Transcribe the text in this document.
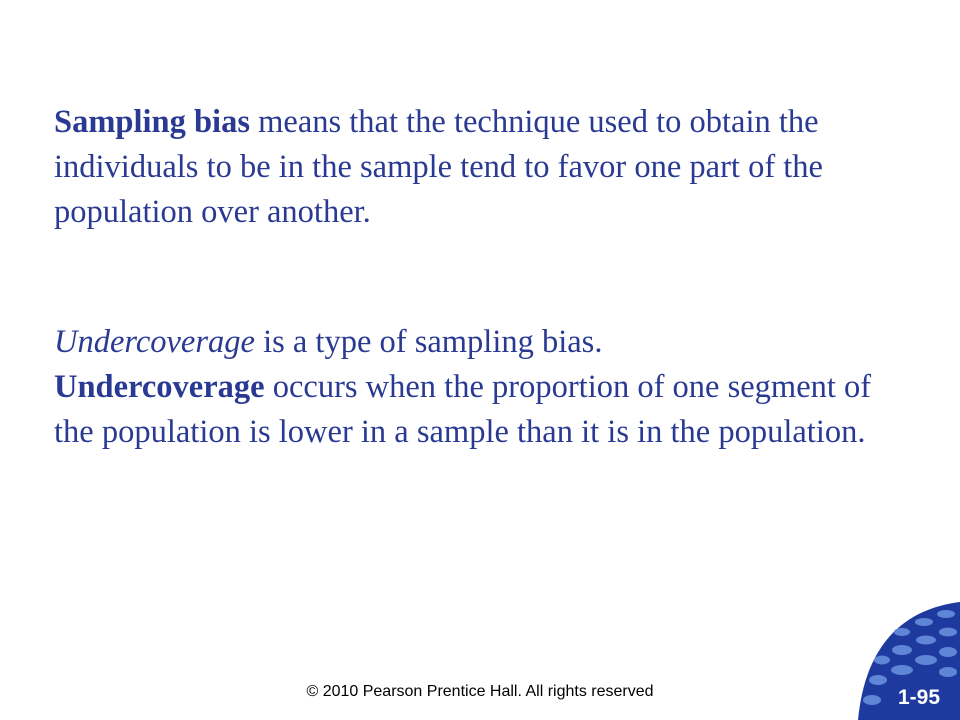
Sampling bias means that the technique used to obtain the individuals to be in the sample tend to favor one part of the population over another.

Undercoverage is a type of sampling bias.
Undercoverage occurs when the proportion of one segment of the population is lower in a sample than it is in the population.

© 2010 Pearson Prentice Hall. All rights reserved	1-95
